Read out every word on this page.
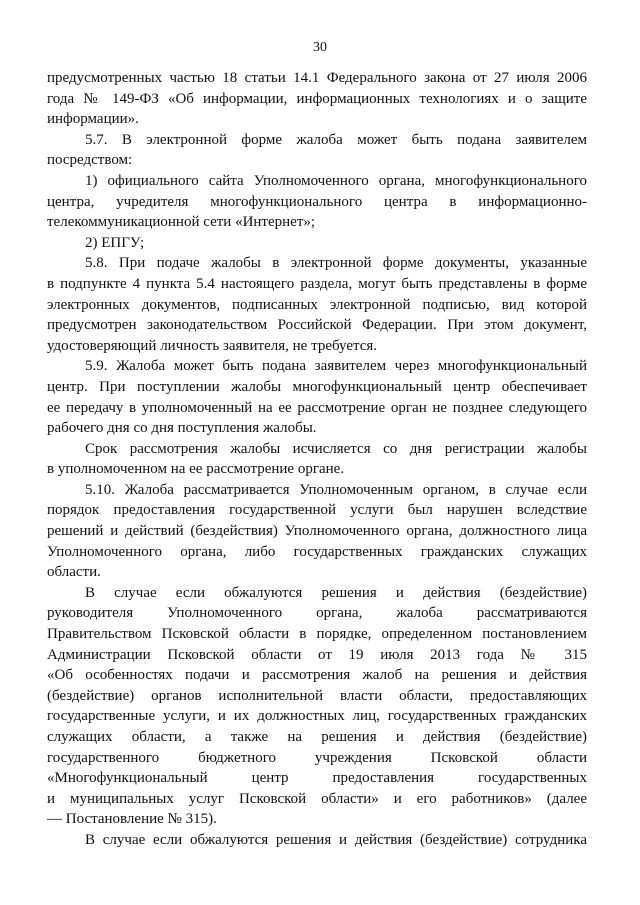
30
предусмотренных частью 18 статьи 14.1 Федерального закона от 27 июля 2006
года № 149-ФЗ «Об информации, информационных технологиях и о защите
информации».
5.7. В электронной форме жалоба может быть подана заявителем
посредством:
1) официального сайта Уполномоченного органа, многофункционального
центра, учредителя многофункционального центра в информационно-
телекоммуникационной сети «Интернет»;
2) ЕПГУ;
5.8. При подаче жалобы в электронной форме документы, указанные
в подпункте 4 пункта 5.4 настоящего раздела, могут быть представлены в форме
электронных документов, подписанных электронной подписью, вид которой
предусмотрен законодательством Российской Федерации. При этом документ,
удостоверяющий личность заявителя, не требуется.
5.9. Жалоба может быть подана заявителем через многофункциональный
центр. При поступлении жалобы многофункциональный центр обеспечивает
ее передачу в уполномоченный на ее рассмотрение орган не позднее следующего
рабочего дня со дня поступления жалобы.
Срок рассмотрения жалобы исчисляется со дня регистрации жалобы
в уполномоченном на ее рассмотрение органе.
5.10. Жалоба рассматривается Уполномоченным органом, в случае если
порядок предоставления государственной услуги был нарушен вследствие
решений и действий (бездействия) Уполномоченного органа, должностного лица
Уполномоченного органа, либо государственных гражданских служащих
области.
В случае если обжалуются решения и действия (бездействие)
руководителя Уполномоченного органа, жалоба рассматриваются
Правительством Псковской области в порядке, определенном постановлением
Администрации Псковской области от 19 июля 2013 года № 315
«Об особенностях подачи и рассмотрения жалоб на решения и действия
(бездействие) органов исполнительной власти области, предоставляющих
государственные услуги, и их должностных лиц, государственных гражданских
служащих области, а также на решения и действия (бездействие)
государственного бюджетного учреждения Псковской области
«Многофункциональный центр предоставления государственных
и муниципальных услуг Псковской области» и его работников» (далее
— Постановление № 315).
В случае если обжалуются решения и действия (бездействие) сотрудника
